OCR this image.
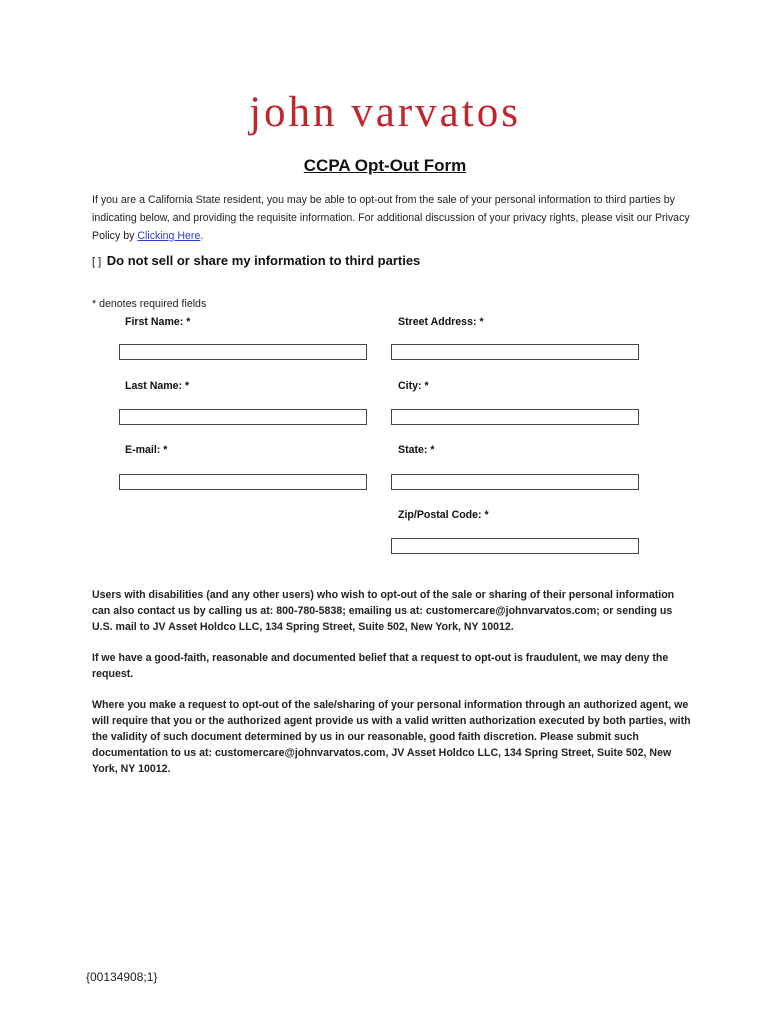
john varvatos
CCPA Opt-Out Form
If you are a California State resident, you may be able to opt-out from the sale of your personal information to third parties by indicating below, and providing the requisite information. For additional discussion of your privacy rights, please visit our Privacy Policy by Clicking Here.
[ ] Do not sell or share my information to third parties
* denotes required fields
First Name: *
Last Name: *
E-mail: *
Street Address: *
City: *
State: *
Zip/Postal Code: *
Users with disabilities (and any other users) who wish to opt-out of the sale or sharing of their personal information can also contact us by calling us at: 800-780-5838; emailing us at: customercare@johnvarvatos.com; or sending us U.S. mail to JV Asset Holdco LLC, 134 Spring Street, Suite 502, New York, NY 10012.
If we have a good-faith, reasonable and documented belief that a request to opt-out is fraudulent, we may deny the request.
Where you make a request to opt-out of the sale/sharing of your personal information through an authorized agent, we will require that you or the authorized agent provide us with a valid written authorization executed by both parties, with the validity of such document determined by us in our reasonable, good faith discretion. Please submit such documentation to us at: customercare@johnvarvatos.com, JV Asset Holdco LLC, 134 Spring Street, Suite 502, New York, NY 10012.
{00134908;1}
